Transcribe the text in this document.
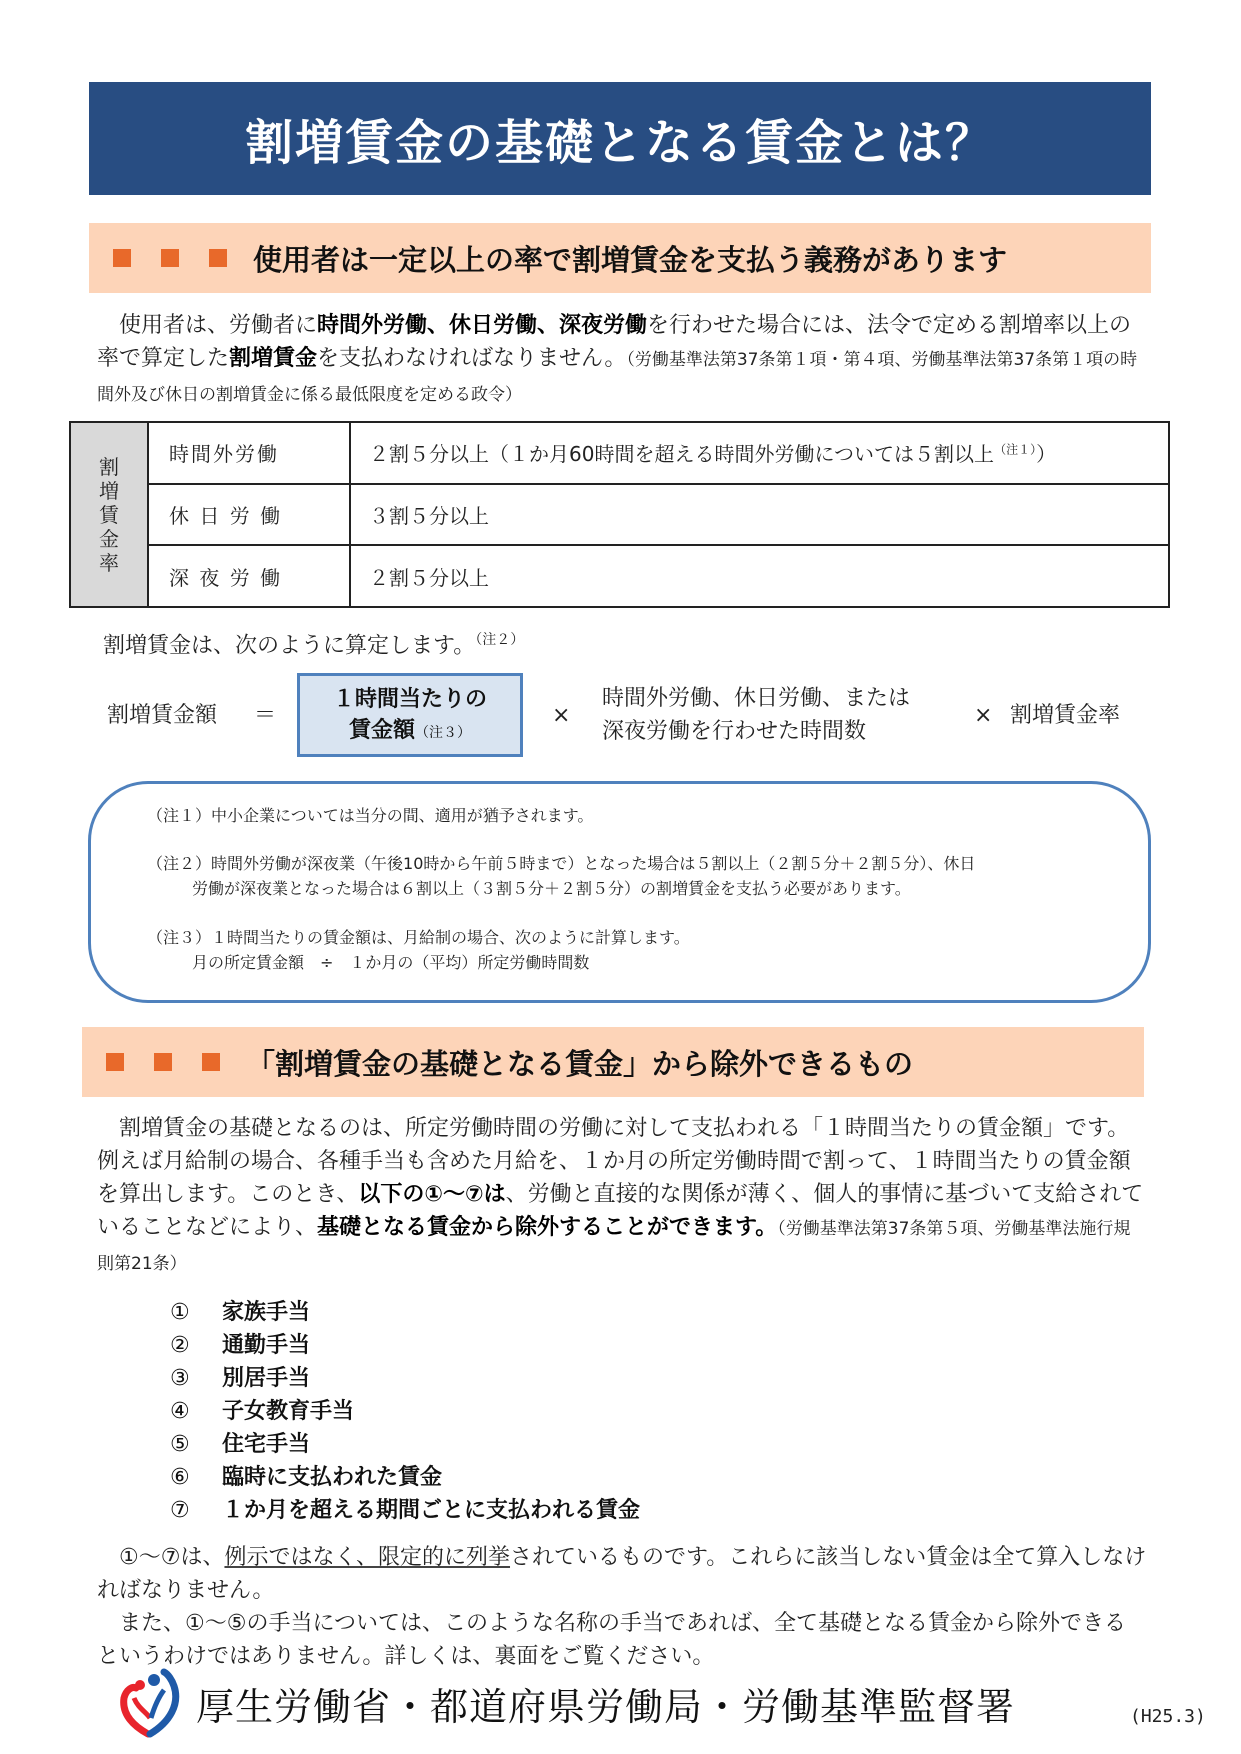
割増賃金の基礎となる賃金とは？
使用者は一定以上の率で割増賃金を支払う義務があります
使用者は、労働者に時間外労働、休日労働、深夜労働を行わせた場合には、法令で定める割増率以上の率で算定した割増賃金を支払わなければなりません。（労働基準法第37条第１項・第４項、労働基準法第37条第１項の時間外及び休日の割増賃金に係る最低限度を定める政令）
割増賃金率	時間外労働	２割５分以上（１か月60時間を超える時間外労働については５割以上$^{(注1)}$）
	休 日 労 働	３割５分以上
	深 夜 労 働	２割５分以上
割増賃金は、次のように算定します。$^{(注2)}$
割増賃金額 ＝
１時間当たりの
賃金額（注３）
×
時間外労働、休日労働、または
深夜労働を行わせた時間数
× 割増賃金率
（注１）中小企業については当分の間、適用が猶予されます。
（注２）時間外労働が深夜業（午後10時から午前５時まで）となった場合は５割以上（２割５分＋２割５分）、休日
労働が深夜業となった場合は６割以上（３割５分＋２割５分）の割増賃金を支払う必要があります。
（注３）１時間当たりの賃金額は、月給制の場合、次のように計算します。
月の所定賃金額　÷　１か月の（平均）所定労働時間数
「割増賃金の基礎となる賃金」から除外できるもの
割増賃金の基礎となるのは、所定労働時間の労働に対して支払われる「１時間当たりの賃金額」です。例えば月給制の場合、各種手当も含めた月給を、１か月の所定労働時間で割って、１時間当たりの賃金額を算出します。このとき、以下の①～⑦は、労働と直接的な関係が薄く、個人的事情に基づいて支給されていることなどにより、基礎となる賃金から除外することができます。（労働基準法第37条第５項、労働基準法施行規則第21条）
① 家族手当
② 通勤手当
③ 別居手当
④ 子女教育手当
⑤ 住宅手当
⑥ 臨時に支払われた賃金
⑦ １か月を超える期間ごとに支払われる賃金
①～⑦は、例示ではなく、限定的に列挙されているものです。これらに該当しない賃金は全て算入しなければなりません。
また、①～⑤の手当については、このような名称の手当であれば、全て基礎となる賃金から除外できるというわけではありません。詳しくは、裏面をご覧ください。
厚生労働省・都道府県労働局・労働基準監督署	(H25.3)
